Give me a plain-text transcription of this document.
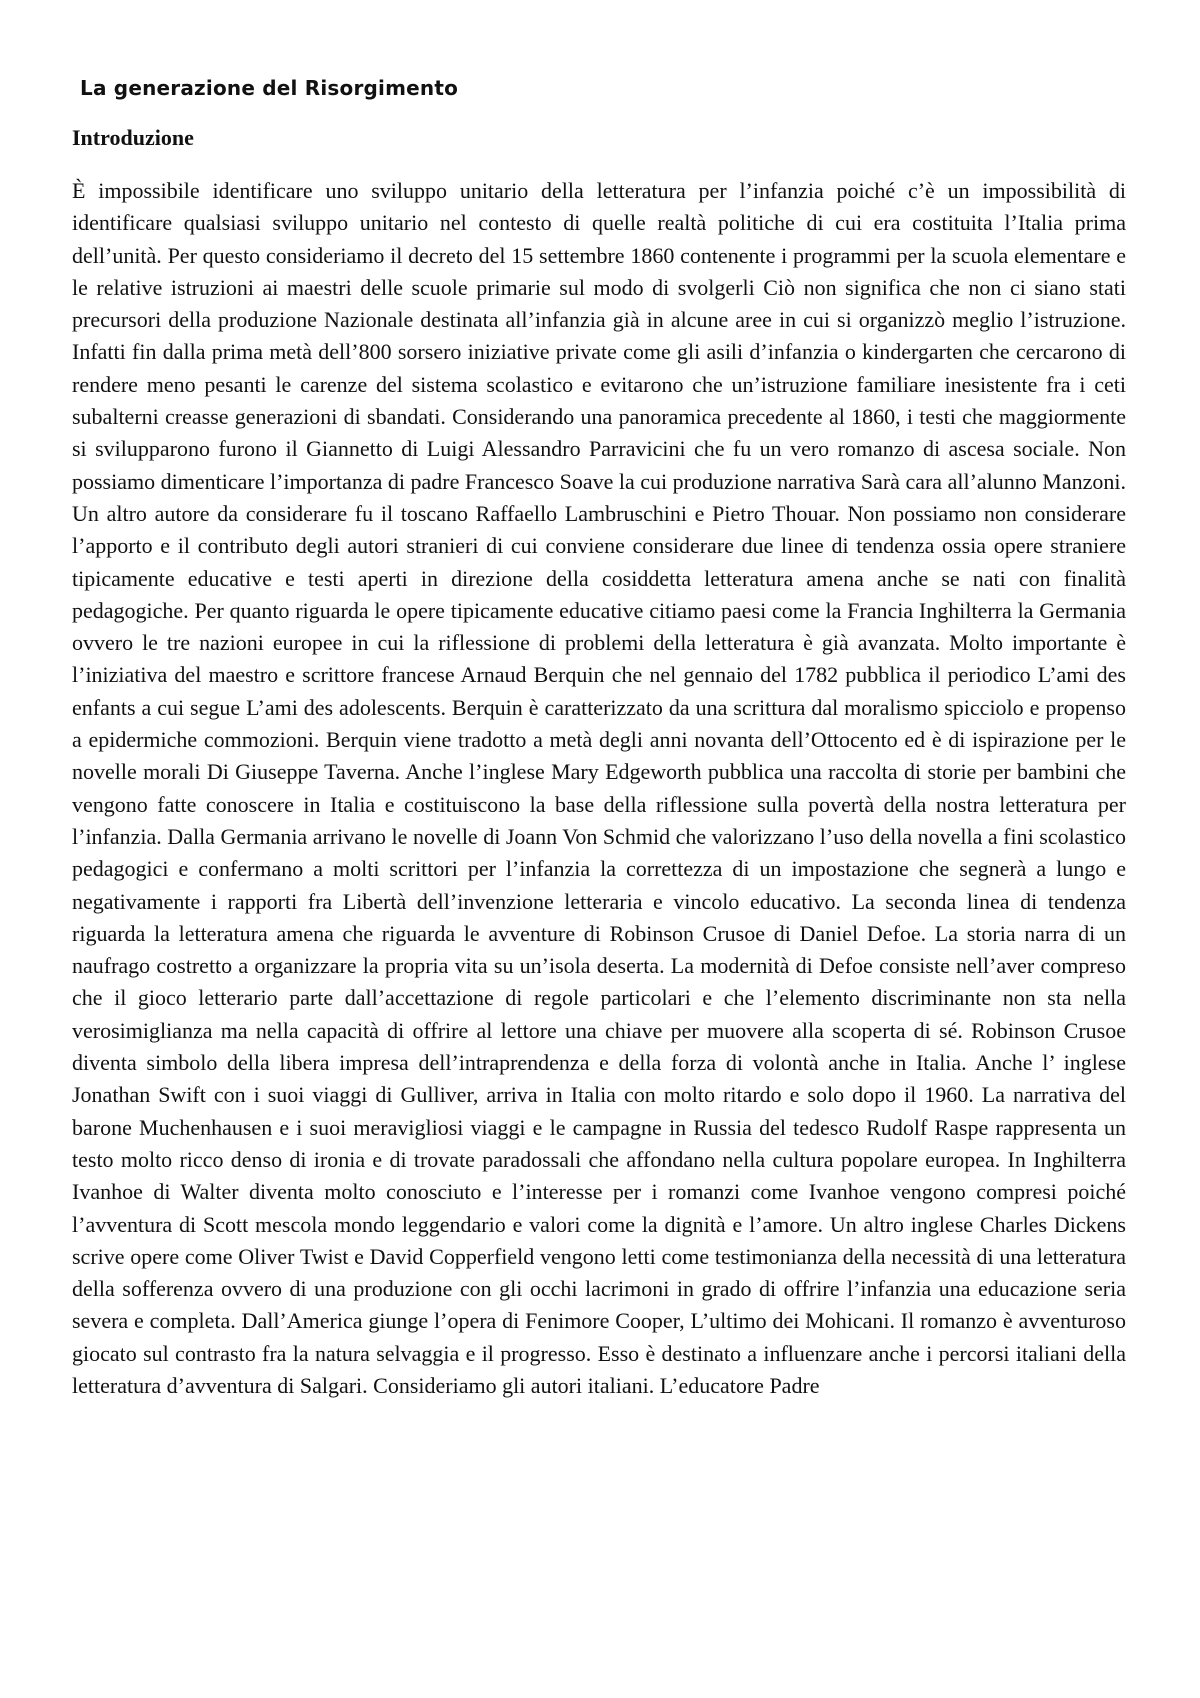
La generazione del Risorgimento
Introduzione

È impossibile identificare uno sviluppo unitario della letteratura per l’infanzia poiché c’è un impossibilità di identificare qualsiasi sviluppo unitario nel contesto di quelle realtà politiche di cui era costituita l’Italia prima dell’unità. Per questo consideriamo il decreto del 15 settembre 1860 contenente i programmi per la scuola elementare e le relative istruzioni ai maestri delle scuole primarie sul modo di svolgerli Ciò non significa che non ci siano stati precursori della produzione Nazionale destinata all’infanzia già in alcune aree in cui si organizzò meglio l’istruzione. Infatti fin dalla prima metà dell’800 sorsero iniziative private come gli asili d’infanzia o kindergarten che cercarono di rendere meno pesanti le carenze del sistema scolastico e evitarono che un’istruzione familiare inesistente fra i ceti subalterni creasse generazioni di sbandati. Considerando una panoramica precedente al 1860, i testi che maggiormente si svilupparono furono il Giannetto di Luigi Alessandro Parravicini che fu un vero romanzo di ascesa sociale. Non possiamo dimenticare l’importanza di padre Francesco Soave la cui produzione narrativa Sarà cara all’alunno Manzoni. Un altro autore da considerare fu il toscano Raffaello Lambruschini e Pietro Thouar. Non possiamo non considerare l’apporto e il contributo degli autori stranieri di cui conviene considerare due linee di tendenza ossia opere straniere tipicamente educative e testi aperti in direzione della cosiddetta letteratura amena anche se nati con finalità pedagogiche. Per quanto riguarda le opere tipicamente educative citiamo paesi come la Francia Inghilterra la Germania ovvero le tre nazioni europee in cui la riflessione di problemi della letteratura è già avanzata. Molto importante è l’iniziativa del maestro e scrittore francese Arnaud Berquin che nel gennaio del 1782 pubblica il periodico L’ami des enfants a cui segue L’ami des adolescents. Berquin è caratterizzato da una scrittura dal moralismo spicciolo e propenso a epidermiche commozioni. Berquin viene tradotto a metà degli anni novanta dell’Ottocento ed è di ispirazione per le novelle morali Di Giuseppe Taverna. Anche l’inglese Mary Edgeworth pubblica una raccolta di storie per bambini che vengono fatte conoscere in Italia e costituiscono la base della riflessione sulla povertà della nostra letteratura per l’infanzia. Dalla Germania arrivano le novelle di Joann Von Schmid che valorizzano l’uso della novella a fini scolastico pedagogici e confermano a molti scrittori per l’infanzia la correttezza di un impostazione che segnerà a lungo e negativamente i rapporti fra Libertà dell’invenzione letteraria e vincolo educativo. La seconda linea di tendenza riguarda la letteratura amena che riguarda le avventure di Robinson Crusoe di Daniel Defoe. La storia narra di un naufrago costretto a organizzare la propria vita su un’isola deserta. La modernità di Defoe consiste nell’aver compreso che il gioco letterario parte dall’accettazione di regole particolari e che l’elemento discriminante non sta nella verosimiglianza ma nella capacità di offrire al lettore una chiave per muovere alla scoperta di sé. Robinson Crusoe diventa simbolo della libera impresa dell’intraprendenza e della forza di volontà anche in Italia. Anche l’ inglese Jonathan Swift con i suoi viaggi di Gulliver, arriva in Italia con molto ritardo e solo dopo il 1960. La narrativa del barone Muchenhausen e i suoi meravigliosi viaggi e le campagne in Russia del tedesco Rudolf Raspe rappresenta un testo molto ricco denso di ironia e di trovate paradossali che affondano nella cultura popolare europea. In Inghilterra Ivanhoe di Walter diventa molto conosciuto e l’interesse per i romanzi come Ivanhoe vengono compresi poiché l’avventura di Scott mescola mondo leggendario e valori come la dignità e l’amore. Un altro inglese Charles Dickens scrive opere come Oliver Twist e David Copperfield vengono letti come testimonianza della necessità di una letteratura della sofferenza ovvero di una produzione con gli occhi lacrimoni in grado di offrire l’infanzia una educazione seria severa e completa. Dall’America giunge l’opera di Fenimore Cooper, L’ultimo dei Mohicani. Il romanzo è avventuroso giocato sul contrasto fra la natura selvaggia e il progresso. Esso è destinato a influenzare anche i percorsi italiani della letteratura d’avventura di Salgari. Consideriamo gli autori italiani. L’educatore Padre
